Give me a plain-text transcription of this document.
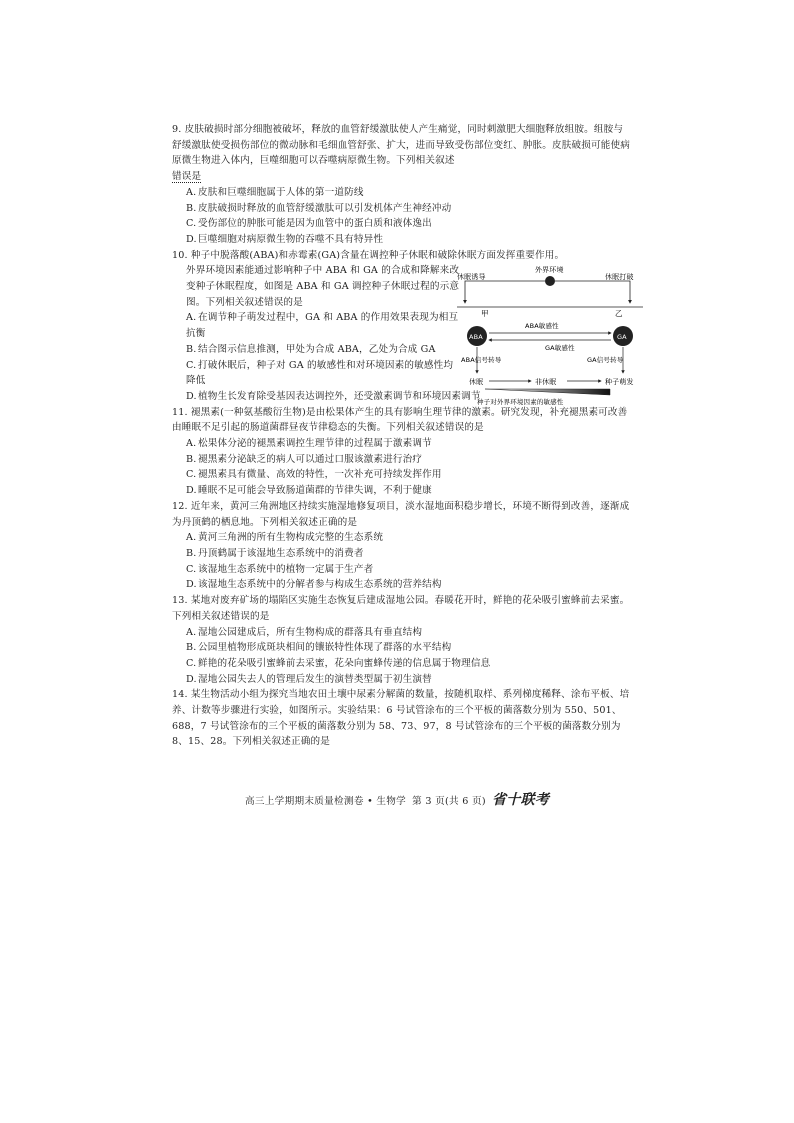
9. 皮肤破损时部分细胞被破坏，释放的血管舒缓激肽使人产生痛觉，同时刺激肥大细胞释放组胺。组胺与舒缓激肽使受损伤部位的微动脉和毛细血管舒张、扩大，进而导致受伤部位变红、肿胀。皮肤破损可能使病原微生物进入体内，巨噬细胞可以吞噬病原微生物。下列相关叙述
错误是

A. 皮肤和巨噬细胞属于人体的第一道防线

B. 皮肤破损时释放的血管舒缓激肽可以引发机体产生神经冲动

C. 受伤部位的肿胀可能是因为血管中的蛋白质和液体逸出

D.巨噬细胞对病原微生物的吞噬不具有特异性

10. 种子中脱落酸(ABA)和赤霉素(GA)含量在调控种子休眠和破除休眠方面发挥重要作用。

外界环境因素能通过影响种子中 ABA 和 GA 的合成和降解来改变种子休眠程度，如图是 ABA 和 GA 调控种子休眠过程的示意图。下列相关叙述错误的是

A. 在调节种子萌发过程中，GA 和 ABA 的作用效果表现为相互抗衡

B. 结合图示信息推测，甲处为合成 ABA，乙处为合成 GA

C. 打破休眠后，种子对 GA 的敏感性和对环境因素的敏感性均降低

D.植物生长发育除受基因表达调控外，还受激素调节和环境因素调节

外界环境
休眠诱导	休眠打破
甲	乙
ABA	GA
ABA敏感性
GA敏感性
ABA信号转导	GA信号转导
休眠	非休眠	种子萌发
种子对外界环境因素的敏感性

11. 褪黑素(一种氨基酸衍生物)是由松果体产生的具有影响生理节律的激素。研究发现，补充褪黑素可改善由睡眠不足引起的肠道菌群昼夜节律稳态的失衡。下列相关叙述错误的是

A. 松果体分泌的褪黑素调控生理节律的过程属于激素调节

B. 褪黑素分泌缺乏的病人可以通过口服该激素进行治疗

C. 褪黑素具有微量、高效的特性，一次补充可持续发挥作用

D.睡眠不足可能会导致肠道菌群的节律失调，不利于健康

12. 近年来，黄河三角洲地区持续实施湿地修复项目，淡水湿地面积稳步增长，环境不断得到改善，逐渐成为丹顶鹤的栖息地。下列相关叙述正确的是

A. 黄河三角洲的所有生物构成完整的生态系统

B. 丹顶鹤属于该湿地生态系统中的消费者

C. 该湿地生态系统中的植物一定属于生产者

D.该湿地生态系统中的分解者参与构成生态系统的营养结构

13. 某地对废弃矿场的塌陷区实施生态恢复后建成湿地公园。春暖花开时，鲜艳的花朵吸引蜜蜂前去采蜜。下列相关叙述错误的是

A. 湿地公园建成后，所有生物构成的群落具有垂直结构

B. 公园里植物形成斑块相间的镶嵌特性体现了群落的水平结构

C. 鲜艳的花朵吸引蜜蜂前去采蜜，花朵向蜜蜂传递的信息属于物理信息

D.湿地公园失去人的管理后发生的演替类型属于初生演替

14. 某生物活动小组为探究当地农田土壤中尿素分解菌的数量，按随机取样、系列梯度稀释、涂布平板、培养、计数等步骤进行实验，如图所示。实验结果：6 号试管涂布的三个平板的菌落数分别为 550、501、688，7 号试管涂布的三个平板的菌落数分别为 58、73、97，8 号试管涂布的三个平板的菌落数分别为 8、15、28。下列相关叙述正确的是

高三上学期期末质量检测卷 • 生物学 第 3 页(共 6 页) 省十联考
